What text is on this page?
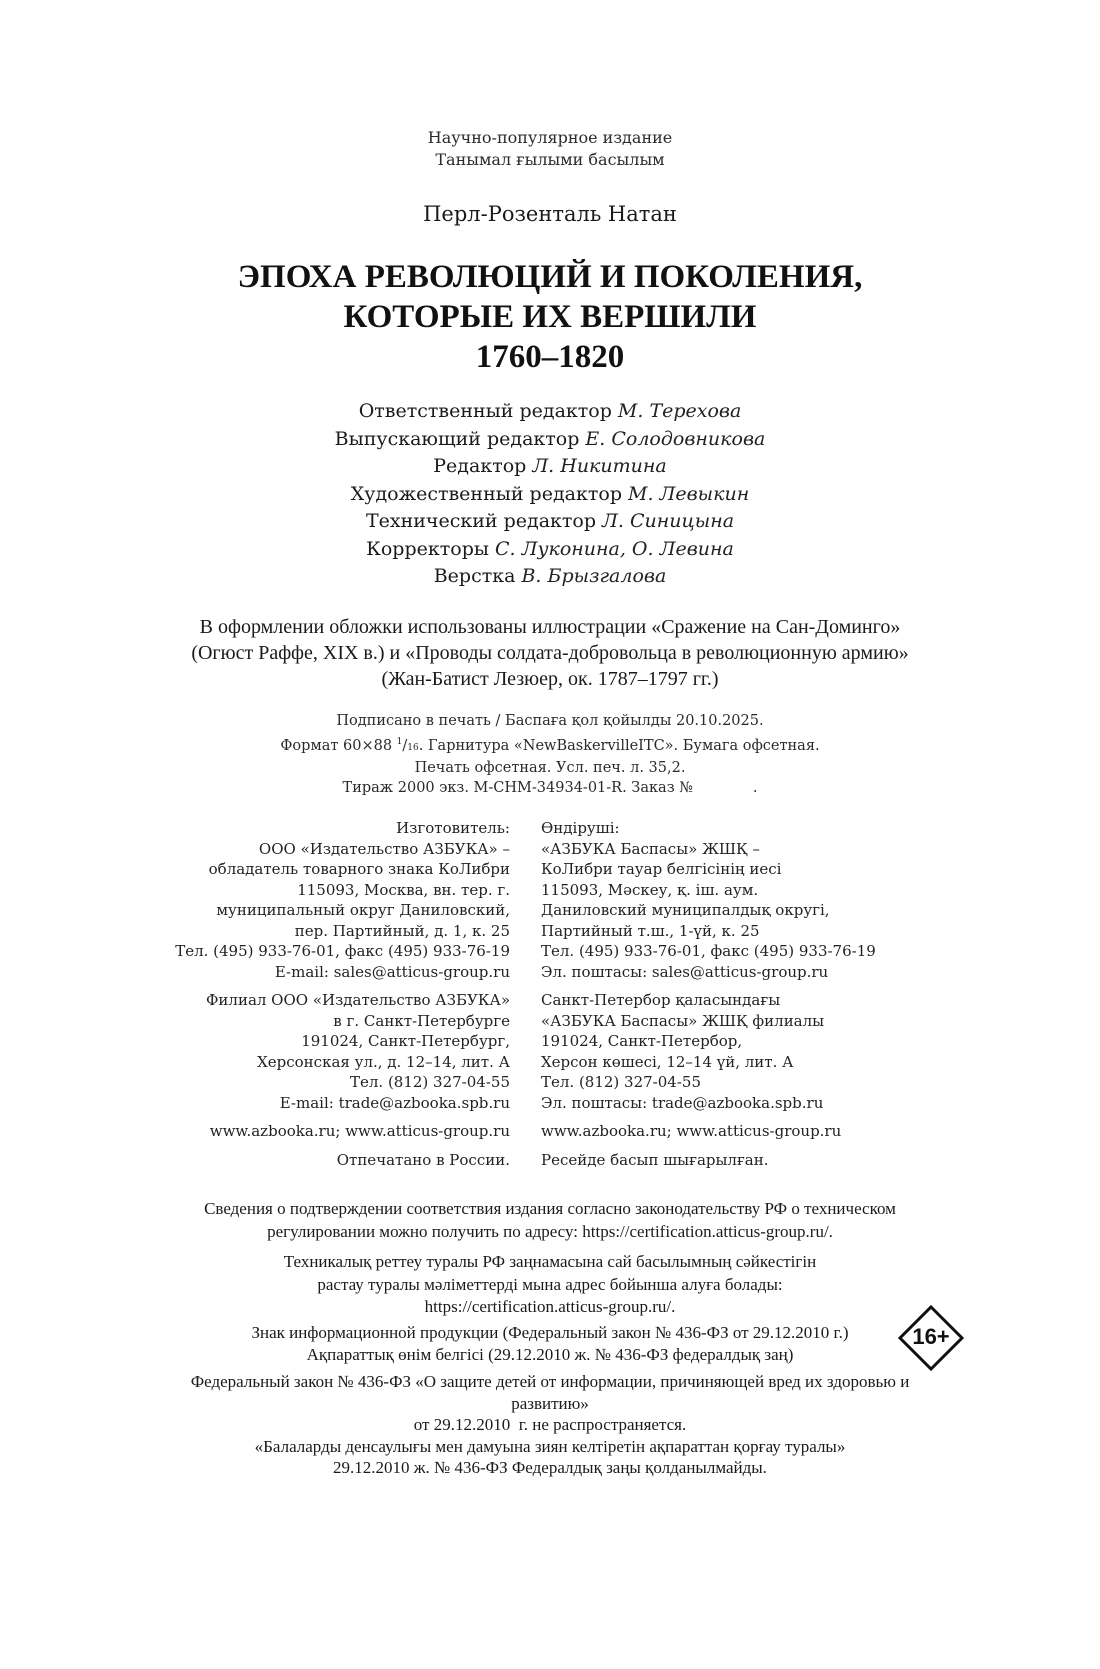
Научно-популярное издание
Танымал ғылыми басылым
Перл-Розенталь Натан
ЭПОХА РЕВОЛЮЦИЙ И ПОКОЛЕНИЯ,
КОТОРЫЕ ИХ ВЕРШИЛИ
1760–1820
Ответственный редактор М. Терехова
Выпускающий редактор Е. Солодовникова
Редактор Л. Никитина
Художественный редактор М. Левыкин
Технический редактор Л. Синицына
Корректоры С. Луконина, О. Левина
Верстка В. Брызгалова
В оформлении обложки использованы иллюстрации «Сражение на Сан-Доминго»
(Огюст Раффе, XIX в.) и «Проводы солдата-добровольца в революционную армию»
(Жан-Батист Лезюер, ок. 1787–1797 гг.)
Подписано в печать / Баспаға қол қойылды 20.10.2025.
Формат 60×88 $^1$/16. Гарнитура «NewBaskervilleITC». Бумага офсетная.
Печать офсетная. Усл. печ. л. 35,2.
Тираж 2000 экз. M-CHM-34934-01-R. Заказ №             .
Изготовитель:
ООО «Издательство АЗБУКА» –
обладатель товарного знака КоЛибри
115093, Москва, вн. тер. г.
муниципальный округ Даниловский,
пер. Партийный, д. 1, к. 25
Тел. (495) 933-76-01, факс (495) 933-76-19
E-mail: sales@atticus-group.ru
Филиал ООО «Издательство АЗБУКА»
в г. Санкт-Петербурге
191024, Санкт-Петербург,
Херсонская ул., д. 12–14, лит. А
Тел. (812) 327-04-55
E-mail: trade@azbooka.spb.ru
www.azbooka.ru; www.atticus-group.ru
Отпечатано в России.
Өндіруші:
«АЗБУКА Баспасы» ЖШҚ –
КоЛибри тауар белгісінің иесі
115093, Мәскеу, қ. іш. аум.
Даниловский муниципалдық округі,
Партийный т.ш., 1-үй, к. 25
Тел. (495) 933-76-01, факс (495) 933-76-19
Эл. поштасы: sales@atticus-group.ru
Санкт-Петербор қаласындағы
«АЗБУКА Баспасы» ЖШҚ филиалы
191024, Санкт-Петербор,
Херсон көшесі, 12–14 үй, лит. А
Тел. (812) 327-04-55
Эл. поштасы: trade@azbooka.spb.ru
www.azbooka.ru; www.atticus-group.ru
Ресейде басып шығарылған.

Сведения о подтверждении соответствия издания согласно законодательству РФ о техническом
регулировании можно получить по адресу: https://certification.atticus-group.ru/.

Техникалық реттеу туралы РФ заңнамасына сай басылымның сәйкестігін
растау туралы мәліметтерді мына адрес бойынша алуға болады:
https://certification.atticus-group.ru/.

Знак информационной продукции (Федеральный закон № 436-ФЗ от 29.12.2010 г.)
Ақпараттық өнім белгісі (29.12.2010 ж. № 436-ФЗ федералдық заң)
16+
Федеральный закон № 436-ФЗ «О защите детей от информации, причиняющей вред их здоровью и
развитию»
от 29.12.2010  г. не распространяется.
«Балаларды денсаулығы мен дамуына зиян келтіретін ақпараттан қорғау туралы»
29.12.2010 ж. № 436-ФЗ Федералдық заңы қолданылмайды.
